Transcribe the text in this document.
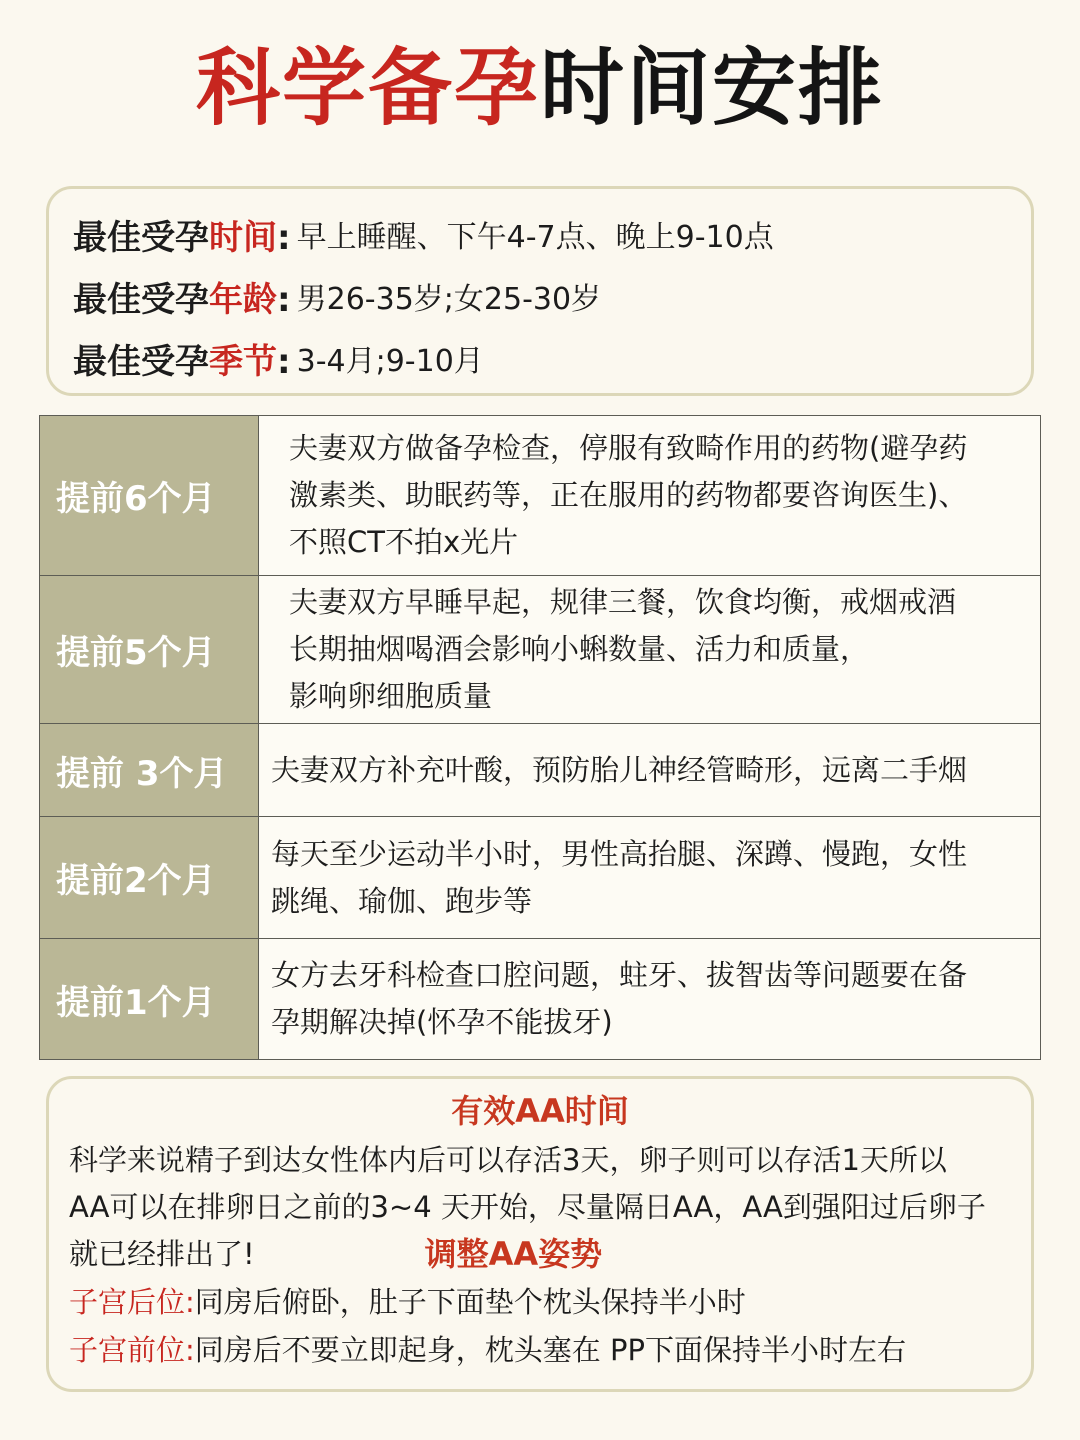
科学备孕时间安排
最佳受孕时间: 早上睡醒、下午4-7点、晚上9-10点
最佳受孕年龄: 男26-35岁;女25-30岁
最佳受孕季节: 3-4月;9-10月
提前6个月	夫妻双方做备孕检查，停服有致畸作用的药物(避孕药
激素类、助眠药等，正在服用的药物都要咨询医生)、
不照CT不拍x光片

提前5个月	夫妻双方早睡早起，规律三餐，饮食均衡，戒烟戒酒
长期抽烟喝酒会影响小蝌数量、活力和质量，
影响卵细胞质量

提前 3个月	夫妻双方补充叶酸，预防胎儿神经管畸形，远离二手烟

提前2个月	每天至少运动半小时，男性高抬腿、深蹲、慢跑，女性
跳绳、瑜伽、跑步等

提前1个月	女方去牙科检查口腔问题，蛀牙、拔智齿等问题要在备
孕期解决掉(怀孕不能拔牙)
有效AA时间
科学来说精子到达女性体内后可以存活3天，卵子则可以存活1天所以
AA可以在排卵日之前的3~4 天开始，尽量隔日AA，AA到强阳过后卵子
就已经排出了!	调整AA姿势
子宫后位:同房后俯卧，肚子下面垫个枕头保持半小时
子宫前位:同房后不要立即起身，枕头塞在 PP下面保持半小时左右
